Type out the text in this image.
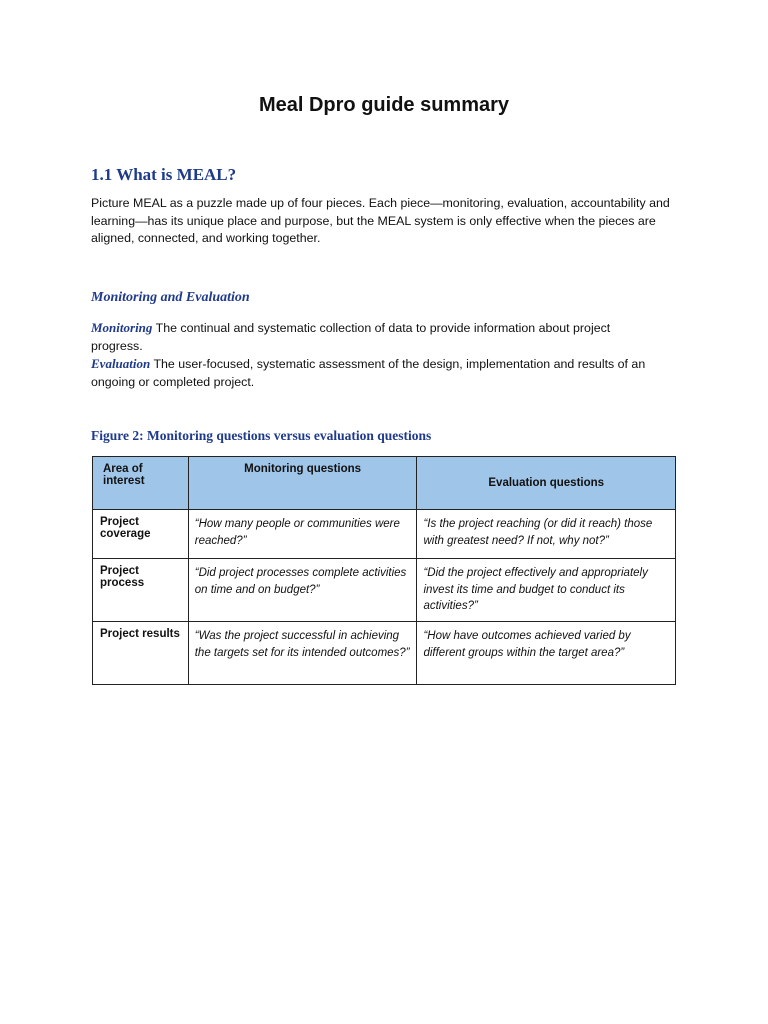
Meal Dpro guide summary
1.1 What is MEAL?
Picture MEAL as a puzzle made up of four pieces. Each piece—monitoring, evaluation, accountability and learning—has its unique place and purpose, but the MEAL system is only effective when the pieces are aligned, connected, and working together.
Monitoring and Evaluation
Monitoring The continual and systematic collection of data to provide information about project progress.
Evaluation The user-focused, systematic assessment of the design, implementation and results of an ongoing or completed project.
Figure 2: Monitoring questions versus evaluation questions
Area of interest	Monitoring questions	Evaluation questions
Project coverage	“How many people or communities were reached?”	“Is the project reaching (or did it reach) those with greatest need? If not, why not?”
Project process	“Did project processes complete activities on time and on budget?”	“Did the project effectively and appropriately invest its time and budget to conduct its activities?”
Project results	“Was the project successful in achieving the targets set for its intended outcomes?”	“How have outcomes achieved varied by different groups within the target area?”
